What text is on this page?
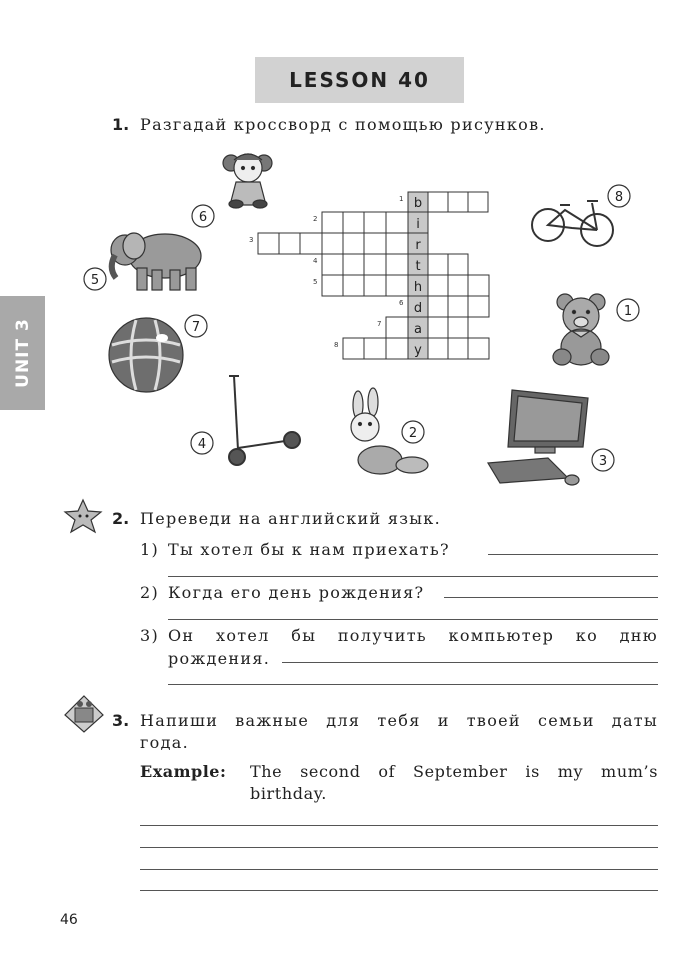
LESSON 40
UNIT 3
1. Разгадай кроссворд с помощью рисунков.
b
i
r
t
h
d
a
y
1
2
3
4
5
6
7
8
1
2
3
4
5
6
7
8
2. Переведи на английский язык.
1) Ты хотел бы к нам приехать?
2) Когда его день рождения?
3) Он хотел бы получить компьютер ко дню
рождения.
3. Напиши важные для тебя и твоей семьи даты
года.
Example: The second of September is my mum’s
birthday.
46
